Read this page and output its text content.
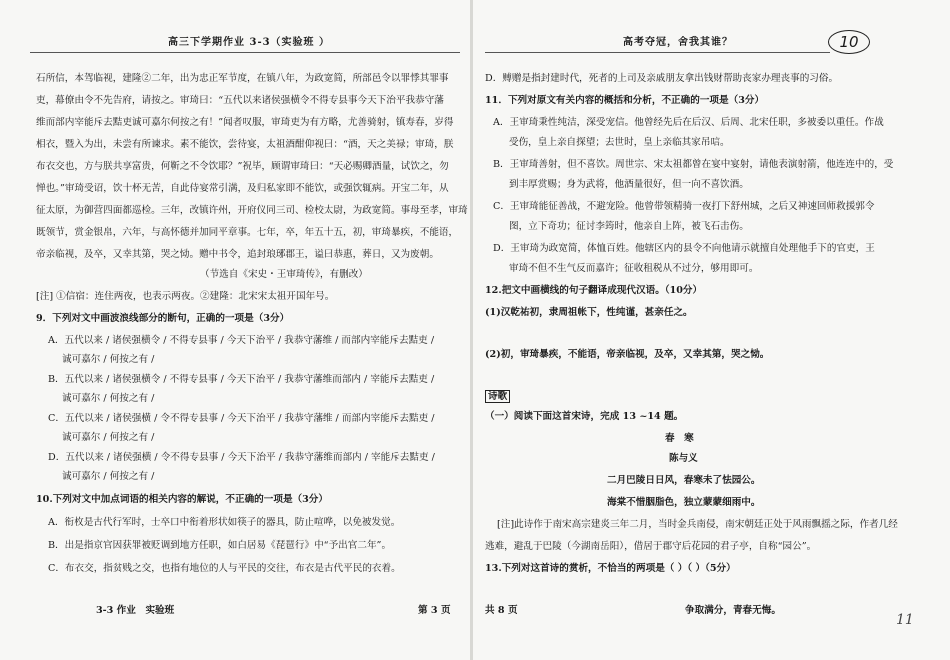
高三下学期作业 3-3（实验班 ）
石所信，本驾临视，建隆②二年，出为忠正军节度，在镇八年，为政宽简，所部邑令以罪悸其罪事
吏，幕僚由令不先告府，请按之。审琦曰：“五代以来诸侯强横令不得专县事今天下治平我恭守藩
维而部内宰能斥去黠吏诚可嘉尔何按之有！”闻者叹服，审琦吏为有方略，尤善骑射，镇寿春，岁得
相衣，暨入为出，未尝有所谏求。素不能饮，尝待宴，太祖酒酣仰视曰：“酒，天之美禄；审琦，朕
布衣交也，方与朕共享富贵，何靳之不令饮耶？”祝毕，顾谓审琦曰：“天必赐卿酒量，试饮之，勿
惮也。”审琦受诏，饮十杯无苦，自此侍宴常引满，及归私家即不能饮，或强饮辄病。开宝二年，从
征太原，为御营四面都巡检。三年，改镇许州，开府仪同三司、检校太尉，为政宽简。事母至孝，审琦
既领节，赏金银帛，六年，与高怀德并加同平章事。七年，卒，年五十五，初，审琦暴疾，不能语，
帝亲临视，及卒，又幸其第，哭之恸。赠中书令，追封琅琊郡王，谥曰恭惠，葬日，又为废朝。
（节选自《宋史・王审琦传》，有删改）
[注] ①信宿：连住两夜，也表示两夜。②建隆：北宋宋太祖开国年号。
9．下列对文中画波浪线部分的断句，正确的一项是（3分）
A．五代以来 / 诸侯强横令 / 不得专县事 / 今天下治平 / 我恭守藩维 / 而部内宰能斥去黠吏 /
诚可嘉尔 / 何按之有 /
B．五代以来 / 诸侯强横令 / 不得专县事 / 今天下治平 / 我恭守藩维而部内 / 宰能斥去黠吏 /
诚可嘉尔 / 何按之有 /
C．五代以来 / 诸侯强横 / 令不得专县事 / 今天下治平 / 我恭守藩维 / 而部内宰能斥去黠吏 /
诚可嘉尔 / 何按之有 /
D．五代以来 / 诸侯强横 / 令不得专县事 / 今天下治平 / 我恭守藩维而部内 / 宰能斥去黠吏 /
诚可嘉尔 / 何按之有 /
10.下列对文中加点词语的相关内容的解说，不正确的一项是（3分）
A．衔枚是古代行军时，士卒口中衔着形状如筷子的器具，防止喧哗，以免被发觉。
B．出是指京官因获罪被贬调到地方任职，如白居易《琵琶行》中“予出官二年”。
C．布衣交，指贫贱之交，也指有地位的人与平民的交往，布衣是古代平民的衣着。
3-3 作业　实验班	第 3 页
高考夺冠，舍我其谁？
D．赙赠是指封建时代，死者的上司及亲戚朋友拿出钱财帮助丧家办理丧事的习俗。
11．下列对原文有关内容的概括和分析，不正确的一项是（3分）
A．王审琦秉性纯洁，深受宠信。他曾经先后在后汉、后周、北宋任职，多被委以重任。作战
受伤，皇上亲自探望；去世时，皇上亲临其家吊唁。
B．王审琦善射，但不喜饮。周世宗、宋太祖都曾在宴中宴射，请他表演射箭，他连连中的，受
到丰厚赏赐；身为武将，他酒量很好，但一向不喜饮酒。
C．王审琦能征善战，不避宠险。他曾带领精骑一夜打下舒州城，之后又神速回师救援郭令
图，立下奇功；征讨李筠时，他亲自上阵，被飞石击伤。
D．王审琦为政宽简，体恤百姓。他辖区内的县令不向他请示就擅自处理他手下的官吏，王
审琦不但不生气反而嘉许；征收租税从不过分，够用即可。
12.把文中画横线的句子翻译成现代汉语。（10分）
(1)汉乾祐初，隶周祖帐下，性纯谨，甚亲任之。
(2)初，审琦暴疾，不能语，帝亲临视，及卒，又幸其第，哭之恸。
诗歌
（一）阅读下面这首宋诗，完成 13 ~14 题。
春　寒
陈与义
二月巴陵日日风，春寒未了怯园公。
海棠不惜胭脂色，独立蒙蒙细雨中。
[注]此诗作于南宋高宗建炎三年二月，当时金兵南侵，南宋朝廷正处于风雨飘摇之际，作者几经
逃难，避乱于巴陵（今湖南岳阳），借居于郡守后花园的君子亭，自称“园公”。
13.下列对这首诗的赏析，不恰当的两项是（ ）（ ）（5分）
共 8 页	争取满分，青春无悔。
10
11
